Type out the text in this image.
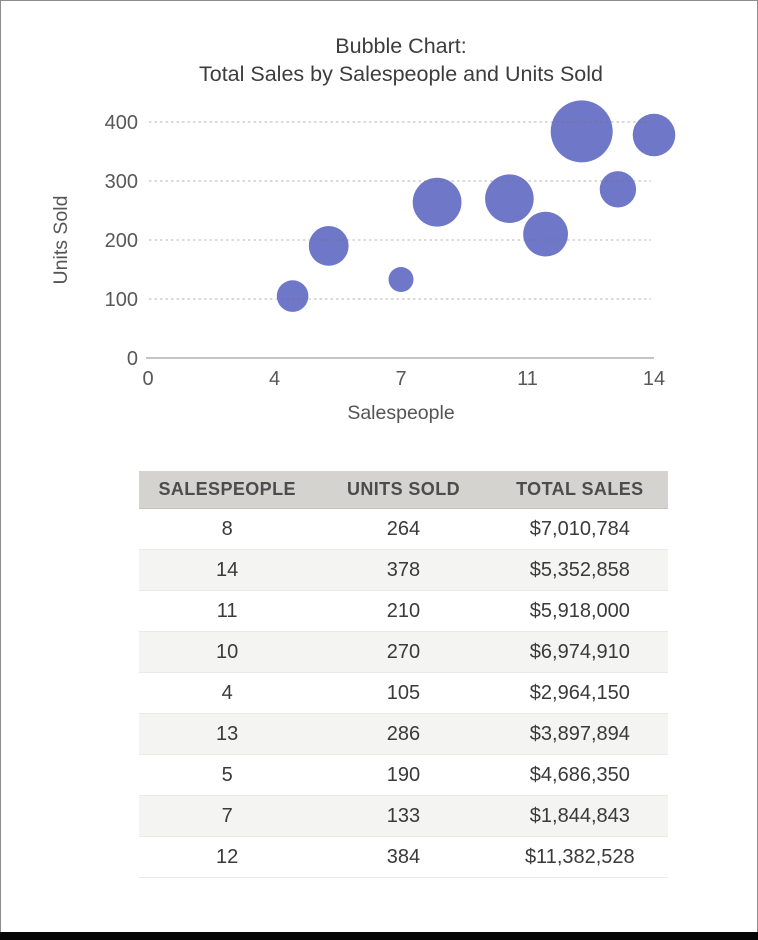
Bubble Chart:
Total Sales by Salespeople and Units Sold
0
100
200
300
400
0	4	7	11	14
Units Sold
Salespeople
SALESPEOPLE	UNITS SOLD	TOTAL SALES
8	264	$7,010,784
14	378	$5,352,858
11	210	$5,918,000
10	270	$6,974,910
4	105	$2,964,150
13	286	$3,897,894
5	190	$4,686,350
7	133	$1,844,843
12	384	$11,382,528
